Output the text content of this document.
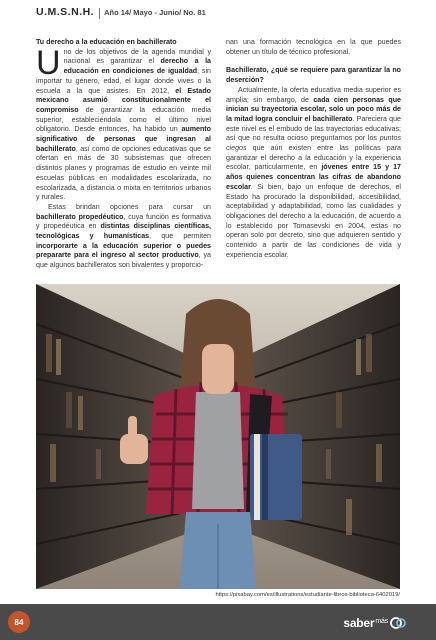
U.M.S.N.H. Año 14/ Mayo - Junio/ No. 81

Tu derecho a la educación en bachillerato

Uno de los objetivos de la agenda mundial y nacional es garantizar el derecho a la educación en condiciones de igualdad, sin importar tu género, edad, el lugar donde vives o la escuela a la que asistes. En 2012, el Estado mexicano asumió constitucionalmente el compromiso de garantizar la educación media superior, estableciéndola como el último nivel obligatorio. Desde entonces, ha habido un aumento significativo de personas que ingresan al bachillerato, así como de opciones educativas que se ofertan en más de 30 subsistemas que ofrecen distintos planes y programas de estudio en veinte mil escuelas públicas en modalidades escolarizada, no escolarizada, a distancia o mixta en territorios urbanos y rurales.

Estas brindan opciones para cursar un bachillerato propedéutico, cuya función es formativa y propedéutica en distintas disciplinas científicas, tecnológicas y humanísticas, que permiten incorporarte a la educación superior o puedes prepararte para el ingreso al sector productivo, ya que algunos bachilleratos son bivalentes y proporcio-

nan una formación tecnológica en la que puedes obtener un título de técnico profesional.

Bachillerato, ¿qué se requiere para garantizar la no deserción?

Actualmente, la oferta educativa media superior es amplia; sin embargo, de cada cien personas que inician su trayectoria escolar, solo un poco más de la mitad logra concluir el bachillerato. Pareciera que este nivel es el embudo de las trayectorias educativas; así que no resulta ocioso preguntarnos por los puntos ciegos que aún existen entre las políticas para garantizar el derecho a la educación y la experiencia escolar, particularmente, en jóvenes entre 15 y 17 años quienes concentran las cifras de abandono escolar. Si bien, bajo un enfoque de derechos, el Estado ha procurado la disponibilidad, accesibilidad, aceptabilidad y adaptabilidad, como las cualidades y obligaciones del derecho a la educación, de acuerdo a lo establecido por Tomasevski en 2004, estas no operan solo por decreto, sino que adquieren sentido y contenido a partir de las condiciones de vida y experiencia escolar.

https://pixabay.com/es/illustrations/estudiante-libros-biblioteca-6402019/
84	saber más
